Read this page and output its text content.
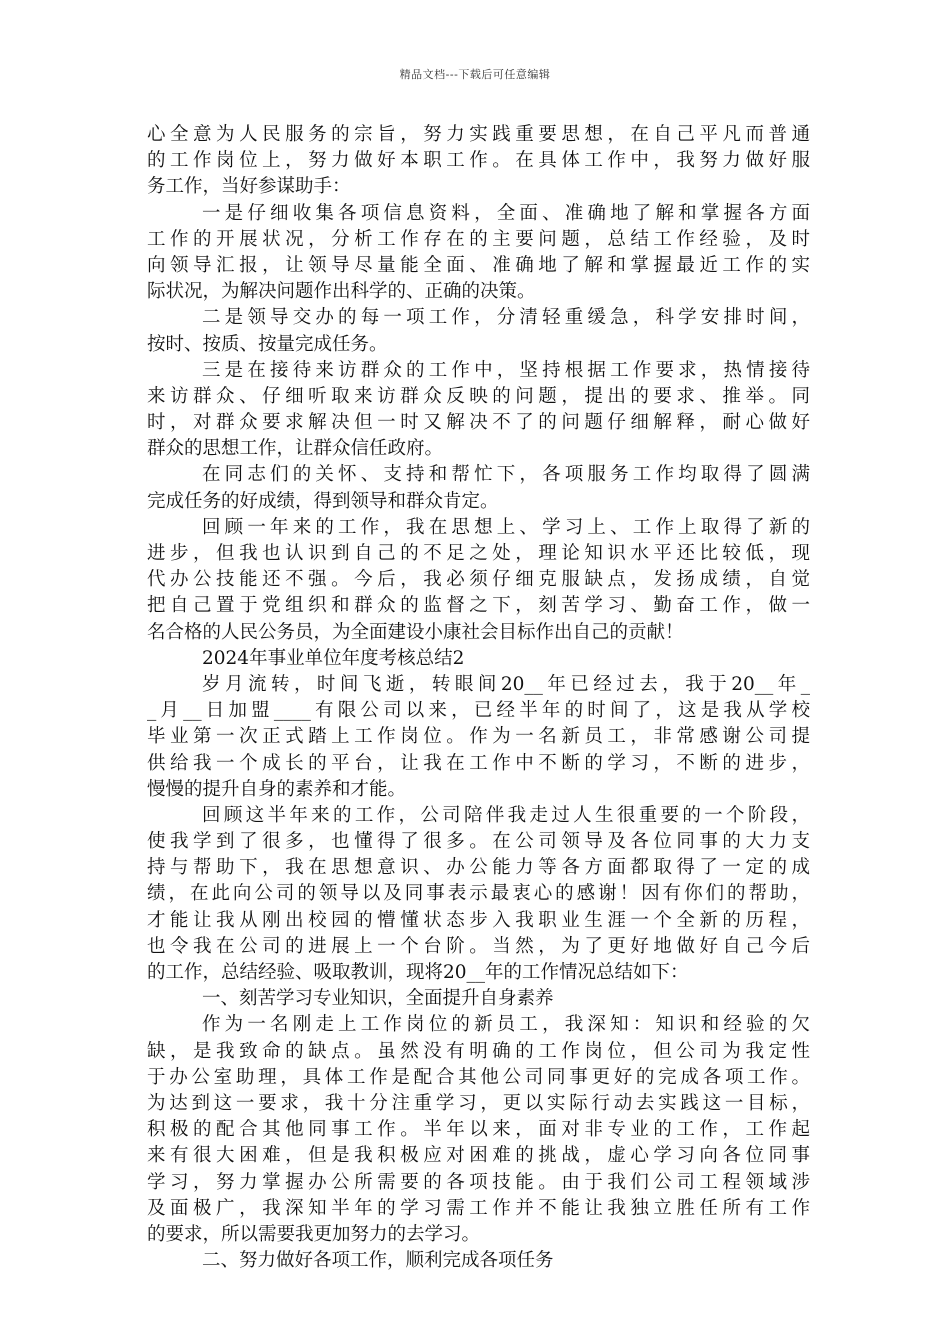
精品文档---下载后可任意编辑
心全意为人民服务的宗旨，努力实践重要思想，在自己平凡而普通
的工作岗位上，努力做好本职工作。在具体工作中，我努力做好服
务工作，当好参谋助手：
一是仔细收集各项信息资料，全面、准确地了解和掌握各方面
工作的开展状况，分析工作存在的主要问题，总结工作经验，及时
向领导汇报，让领导尽量能全面、准确地了解和掌握最近工作的实
际状况，为解决问题作出科学的、正确的决策。
二是领导交办的每一项工作，分清轻重缓急，科学安排时间，
按时、按质、按量完成任务。
三是在接待来访群众的工作中，坚持根据工作要求，热情接待
来访群众、仔细听取来访群众反映的问题，提出的要求、推举。同
时，对群众要求解决但一时又解决不了的问题仔细解释，耐心做好
群众的思想工作，让群众信任政府。
在同志们的关怀、支持和帮忙下，各项服务工作均取得了圆满
完成任务的好成绩，得到领导和群众肯定。
回顾一年来的工作，我在思想上、学习上、工作上取得了新的
进步，但我也认识到自己的不足之处，理论知识水平还比较低，现
代办公技能还不强。今后，我必须仔细克服缺点，发扬成绩，自觉
把自己置于党组织和群众的监督之下，刻苦学习、勤奋工作，做一
名合格的人民公务员，为全面建设小康社会目标作出自己的贡献！
2024年事业单位年度考核总结2
岁月流转，时间飞逝，转眼间20__年已经过去，我于20__年_
_月__日加盟____有限公司以来，已经半年的时间了，这是我从学校
毕业第一次正式踏上工作岗位。作为一名新员工，非常感谢公司提
供给我一个成长的平台，让我在工作中不断的学习，不断的进步，
慢慢的提升自身的素养和才能。
回顾这半年来的工作，公司陪伴我走过人生很重要的一个阶段，
使我学到了很多，也懂得了很多。在公司领导及各位同事的大力支
持与帮助下，我在思想意识、办公能力等各方面都取得了一定的成
绩，在此向公司的领导以及同事表示最衷心的感谢！因有你们的帮助，
才能让我从刚出校园的懵懂状态步入我职业生涯一个全新的历程，
也令我在公司的进展上一个台阶。当然，为了更好地做好自己今后
的工作，总结经验、吸取教训，现将20__年的工作情况总结如下：
一、刻苦学习专业知识，全面提升自身素养
作为一名刚走上工作岗位的新员工，我深知：知识和经验的欠
缺，是我致命的缺点。虽然没有明确的工作岗位，但公司为我定性
于办公室助理，具体工作是配合其他公司同事更好的完成各项工作。
为达到这一要求，我十分注重学习，更以实际行动去实践这一目标，
积极的配合其他同事工作。半年以来，面对非专业的工作，工作起
来有很大困难，但是我积极应对困难的挑战，虚心学习向各位同事
学习，努力掌握办公所需要的各项技能。由于我们公司工程领域涉
及面极广，我深知半年的学习需工作并不能让我独立胜任所有工作
的要求，所以需要我更加努力的去学习。
二、努力做好各项工作，顺利完成各项任务
